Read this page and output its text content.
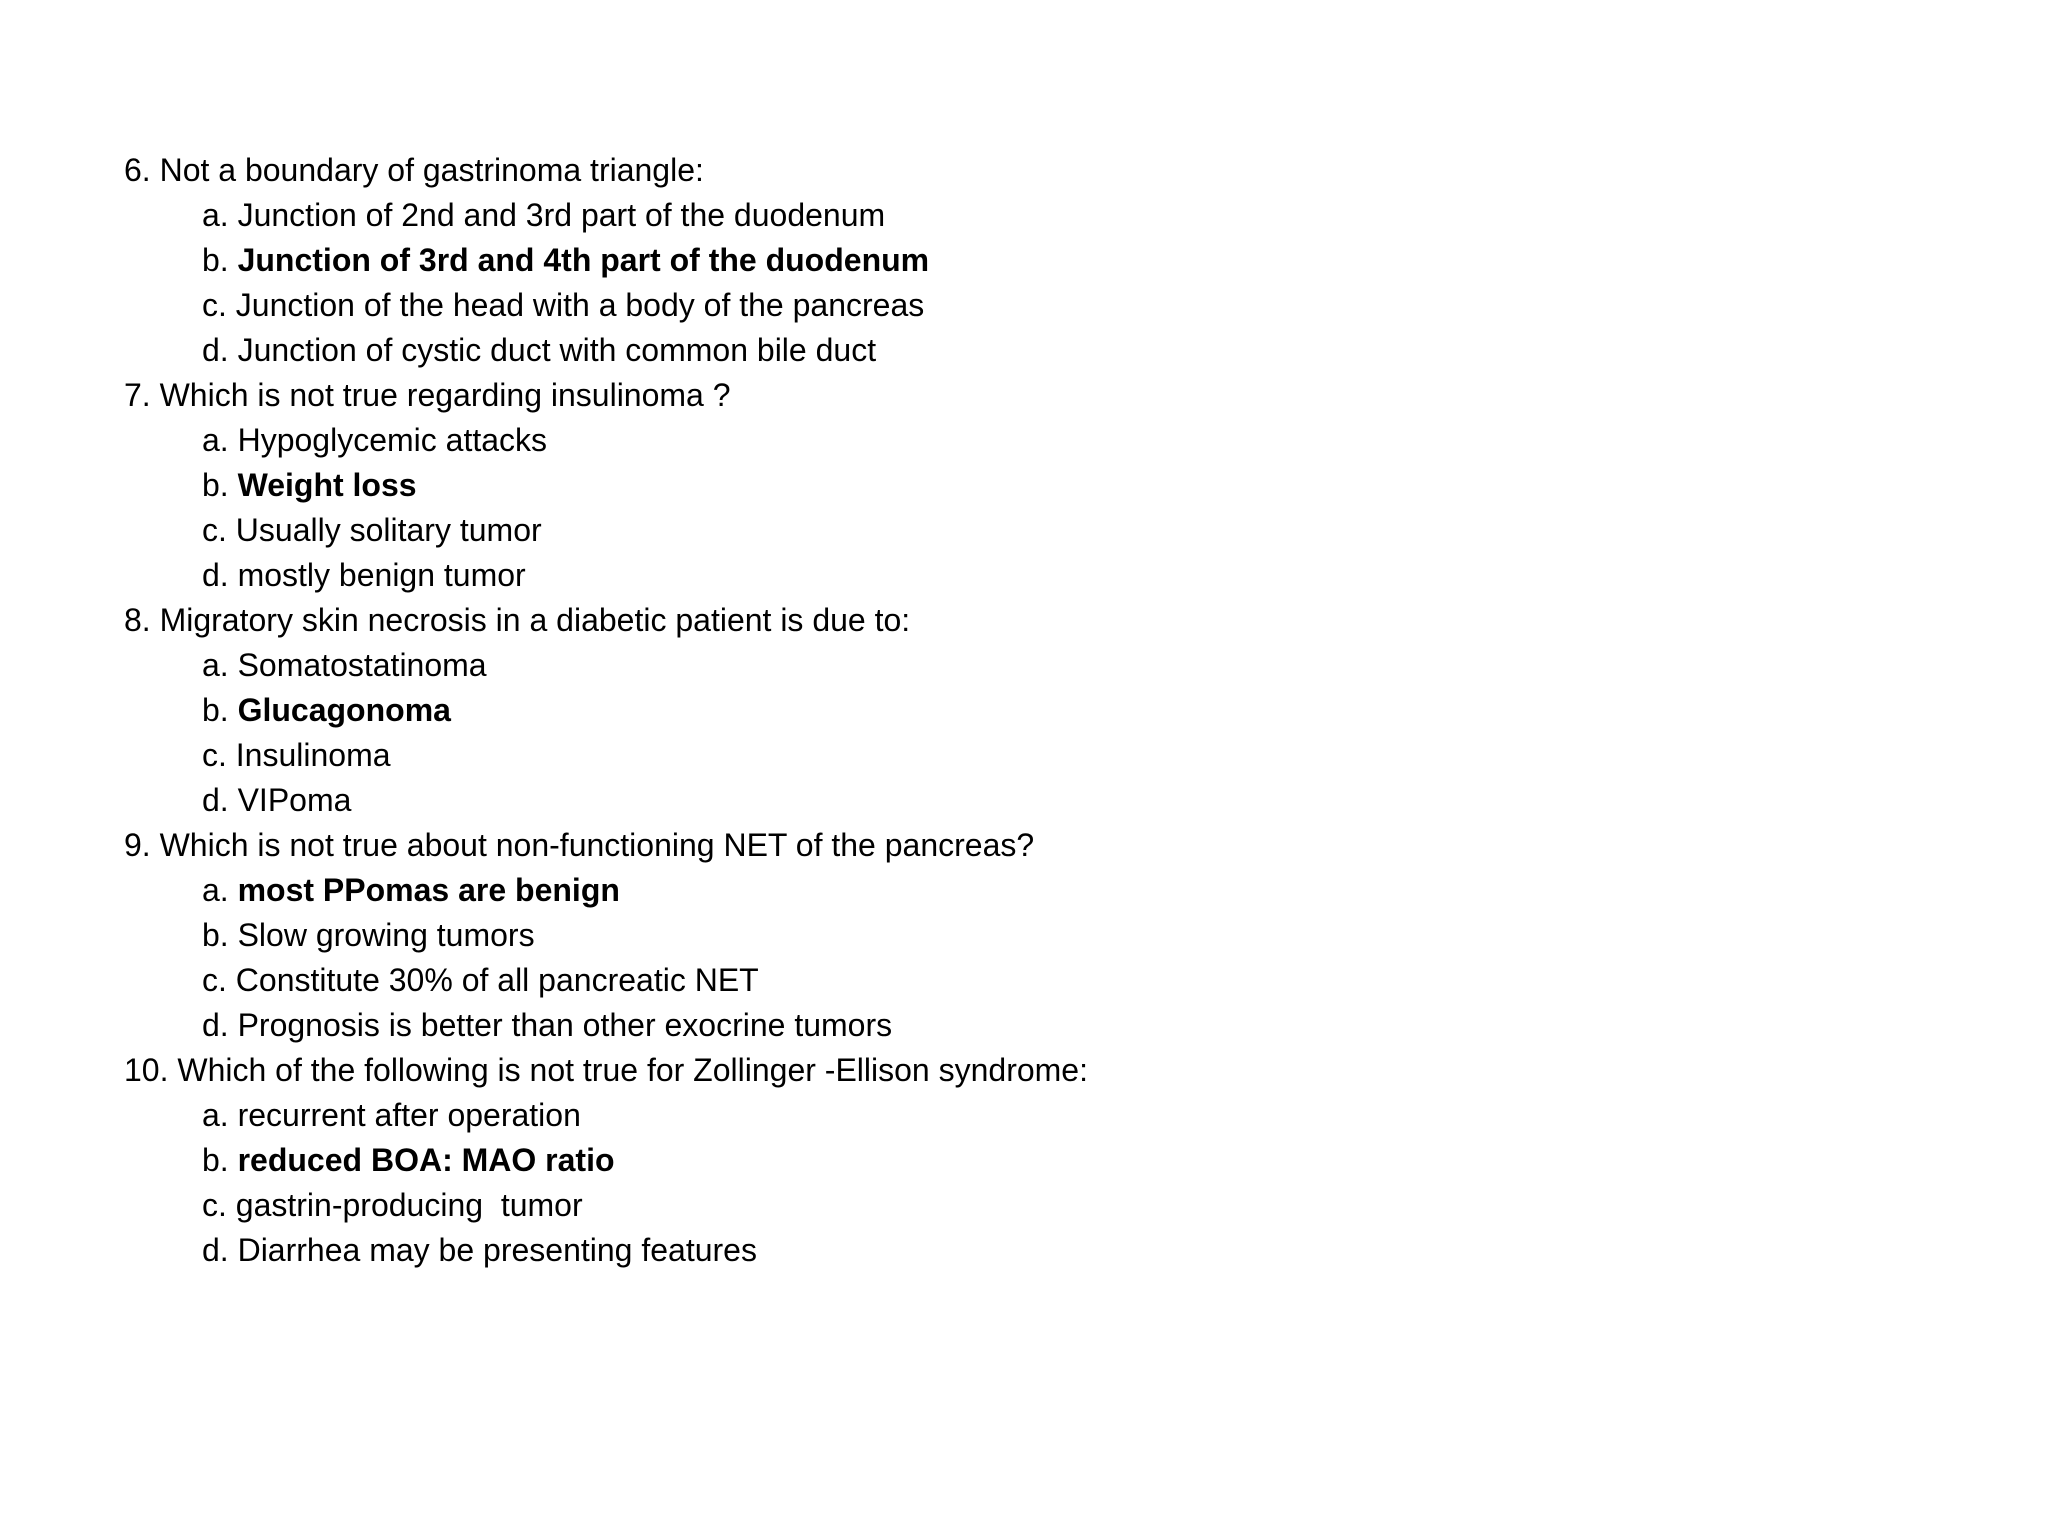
6. Not a boundary of gastrinoma triangle:
a. Junction of 2nd and 3rd part of the duodenum
b. Junction of 3rd and 4th part of the duodenum
c. Junction of the head with a body of the pancreas
d. Junction of cystic duct with common bile duct
7. Which is not true regarding insulinoma ?
a. Hypoglycemic attacks
b. Weight loss
c. Usually solitary tumor
d. mostly benign tumor
8. Migratory skin necrosis in a diabetic patient is due to:
a. Somatostatinoma
b. Glucagonoma
c. Insulinoma
d. VIPoma
9. Which is not true about non-functioning NET of the pancreas?
a. most PPomas are benign
b. Slow growing tumors
c. Constitute 30% of all pancreatic NET
d. Prognosis is better than other exocrine tumors
10. Which of the following is not true for Zollinger -Ellison syndrome:
a. recurrent after operation
b. reduced BOA: MAO ratio
c. gastrin-producing  tumor
d. Diarrhea may be presenting features
